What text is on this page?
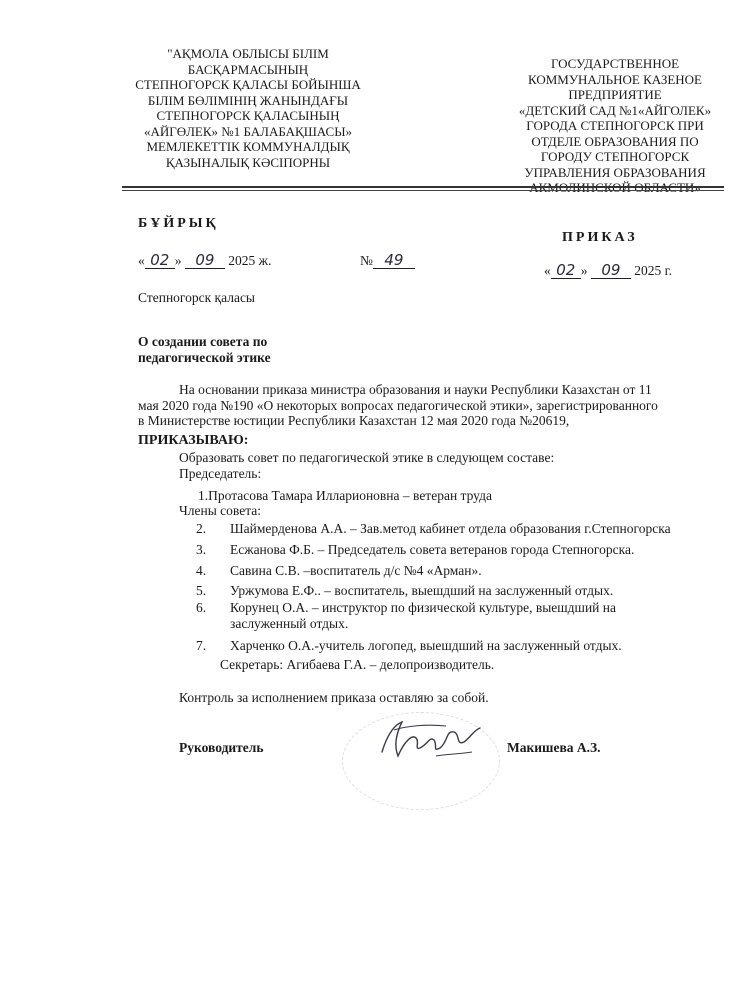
"АҚМОЛА ОБЛЫСЫ БІЛІМ
БАСҚАРМАСЫНЫҢ
СТЕПНОГОРСК ҚАЛАСЫ БОЙЫНША
БІЛІМ БӨЛІМІНІҢ ЖАНЫНДАҒЫ
СТЕПНОГОРСК ҚАЛАСЫНЫҢ
«АЙГӨЛЕК» №1 БАЛАБАҚШАСЫ»
МЕМЛЕКЕТТІК КОММУНАЛДЫҚ
ҚАЗЫНАЛЫҚ КӘСІПОРНЫ
ГОСУДАРСТВЕННОЕ
КОММУНАЛЬНОЕ КАЗЕНОЕ
ПРЕДПРИЯТИЕ
«ДЕТСКИЙ САД №1«АЙГОЛЕК»
ГОРОДА СТЕПНОГОРСК ПРИ
ОТДЕЛЕ ОБРАЗОВАНИЯ ПО
ГОРОДУ СТЕПНОГОРСК
УПРАВЛЕНИЯ ОБРАЗОВАНИЯ
БҰЙРЫҚ
ПРИКАЗ
« 02 » 09 2025 ж.	№ 49
« 02 » 09 2025 г.
Степногорск қаласы
О создании совета по
педагогической этике
На основании приказа министра образования и науки Республики Казахстан от 11
мая 2020 года №190 «О некоторых вопросах педагогической этики», зарегистрированного
в Министерстве юстиции Республики Казахстан 12 мая 2020 года №20619,
ПРИКАЗЫВАЮ:
Образовать совет по педагогической этике в следующем составе:
Председатель:
1.Протасова Тамара Илларионовна – ветеран труда
Члены совета:
2.	Шаймерденова А.А. – Зав.метод кабинет отдела образования г.Степногорска
3.	Есжанова Ф.Б. – Председатель совета ветеранов города Степногорска.
4.	Савина С.В. –воспитатель д/с №4 «Арман».
5.	Уржумова Е.Ф.. – воспитатель, выешдший на заслуженный отдых.
6.	Корунец О.А. – инструктор по физической культуре, выешдший на
заслуженный отдых.
7.	Харченко О.А.-учитель логопед, выешдший на заслуженный отдых.
Секретарь: Агибаева Г.А. – делопроизводитель.
Контроль за исполнением приказа оставляю за собой.
Руководитель	Макишева А.З.
